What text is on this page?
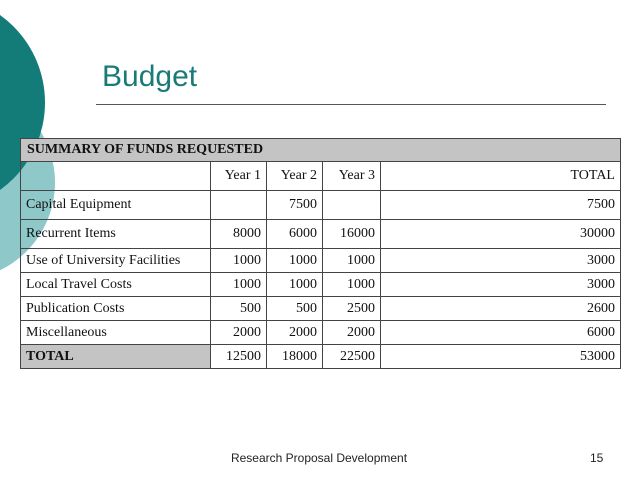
Budget
SUMMARY OF FUNDS REQUESTED				
	Year 1	Year 2	Year 3	TOTAL
Capital Equipment		7500		7500
Recurrent Items	8000	6000	16000	30000
Use of University Facilities	1000	1000	1000	3000
Local Travel Costs	1000	1000	1000	3000
Publication Costs	500	500	2500	2600
Miscellaneous	2000	2000	2000	6000
TOTAL	12500	18000	22500	53000
Research Proposal Development	15
